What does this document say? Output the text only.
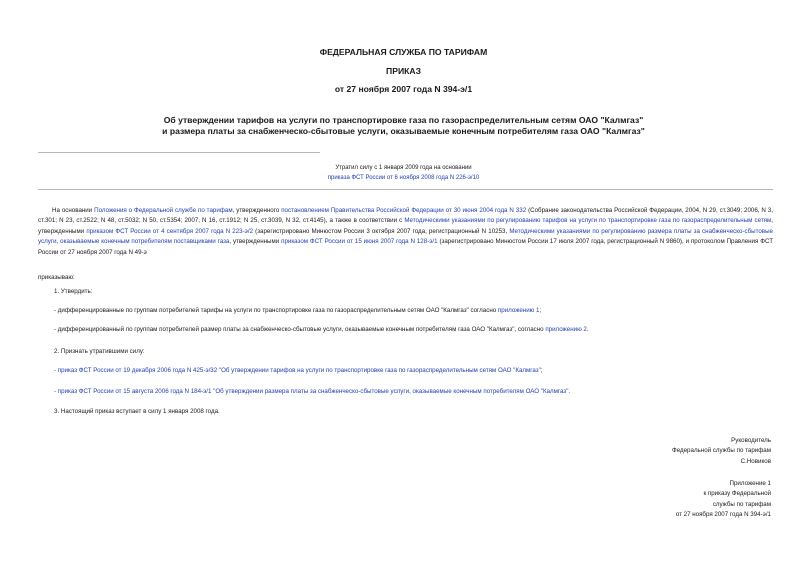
ФЕДЕРАЛЬНАЯ СЛУЖБА ПО ТАРИФАМ
ПРИКАЗ
от 27 ноября 2007 года N 394-э/1
Об утверждении тарифов на услуги по транспортировке газа по газораспределительным сетям ОАО "Калмгаз"
и размера платы за снабженческо-сбытовые услуги, оказываемые конечным потребителям газа ОАО "Калмгаз"
Утратил силу с 1 января 2009 года на основании
приказа ФСТ России от 6 ноября 2008 года N 226-э/10
На основании Положения о Федеральной службе по тарифам, утвержденного постановлением Правительства Российской Федерации от 30 июня 2004 года N 332 (Собрание законодательства Российской Федерации, 2004, N 29, ст.3049; 2006, N 3, ст.301; N 23, ст.2522; N 48, ст.5032; N 50, ст.5354; 2007, N 16, ст.1912; N 25, ст.3039, N 32, ст.4145), а также в соответствии с Методическими указаниями по регулированию тарифов на услуги по транспортировке газа по газораспределительным сетям, утвержденными приказом ФСТ России от 4 сентября 2007 года N 223-э/2 (зарегистрировано Минюстом России 3 октября 2007 года, регистрационный N 10253, Методическими указаниями по регулированию размера платы за снабженческо-сбытовые услуги, оказываемые конечным потребителям поставщиками газа, утвержденными приказом ФСТ России от 15 июня 2007 года N 128-э/1 (зарегистрировано Минюстом России 17 июля 2007 года, регистрационный N 9860), и протоколом Правления ФСТ России от 27 ноября 2007 года N 49-э
приказываю:
1. Утвердить:
- дифференцированные по группам потребителей тарифы на услуги по транспортировке газа по газораспределительным сетям ОАО "Калмгаз" согласно приложению 1;
- дифференцированный по группам потребителей размер платы за снабженческо-сбытовые услуги, оказываемые конечным потребителям газа ОАО "Калмгаз", согласно приложению 2.
2. Признать утратившими силу:
- приказ ФСТ России от 19 декабря 2006 года N 425-э/32 "Об утверждении тарифов на услуги по транспортировке газа по газораспределительным сетям ОАО "Калмгаз";
- приказ ФСТ России от 15 августа 2006 года N 184-э/1 "Об утверждении размера платы за снабженческо-сбытовые услуги, оказываемые конечным потребителям ОАО "Калмгаз".
3. Настоящий приказ вступает в силу 1 января 2008 года.
Руководитель
Федеральной службы по тарифам
С.Новиков
Приложение 1
к приказу Федеральной
службы по тарифам
от 27 ноября 2007 года N 394-э/1
